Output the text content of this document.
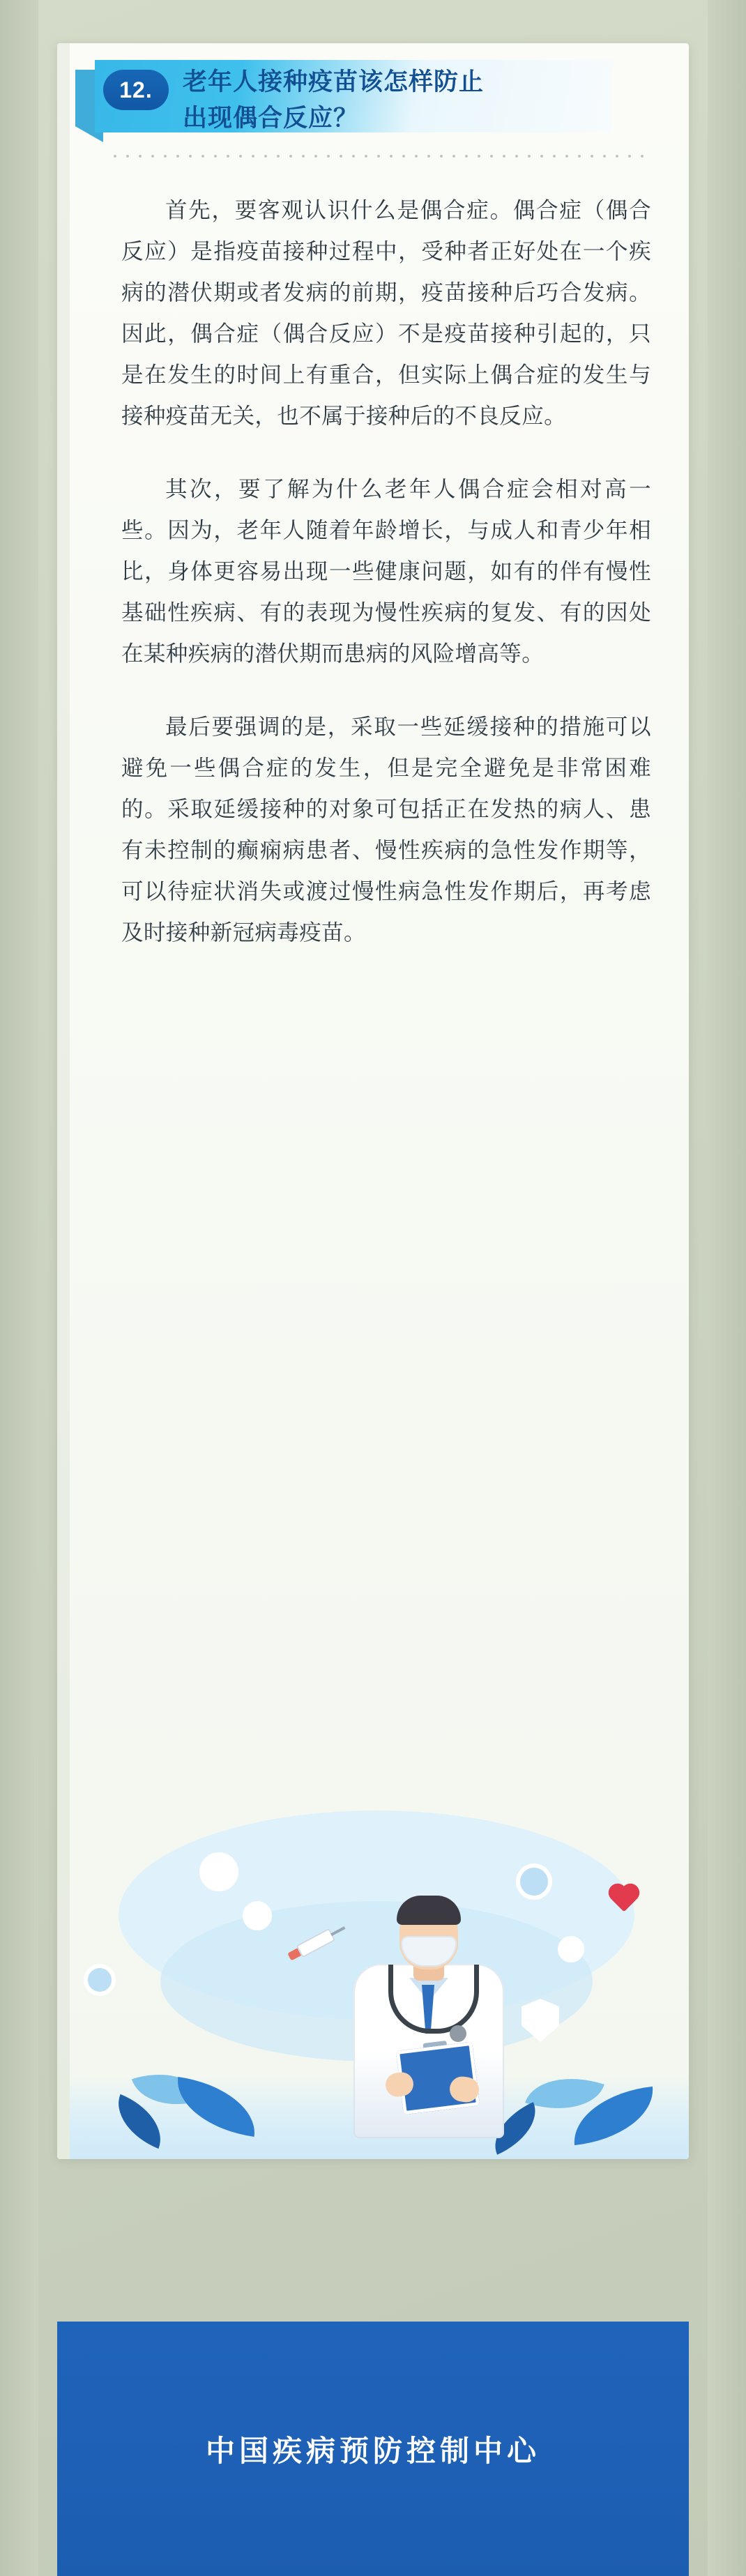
12.	老年人接种疫苗该怎样防止
出现偶合反应？

首先，要客观认识什么是偶合症。偶合症（偶合反应）是指疫苗接种过程中，受种者正好处在一个疾病的潜伏期或者发病的前期，疫苗接种后巧合发病。因此，偶合症（偶合反应）不是疫苗接种引起的，只是在发生的时间上有重合，但实际上偶合症的发生与接种疫苗无关，也不属于接种后的不良反应。

其次，要了解为什么老年人偶合症会相对高一些。因为，老年人随着年龄增长，与成人和青少年相比，身体更容易出现一些健康问题，如有的伴有慢性基础性疾病、有的表现为慢性疾病的复发、有的因处在某种疾病的潜伏期而患病的风险增高等。

最后要强调的是，采取一些延缓接种的措施可以避免一些偶合症的发生，但是完全避免是非常困难的。采取延缓接种的对象可包括正在发热的病人、患有未控制的癫痫病患者、慢性疾病的急性发作期等，可以待症状消失或渡过慢性病急性发作期后，再考虑及时接种新冠病毒疫苗。

中国疾病预防控制中心
